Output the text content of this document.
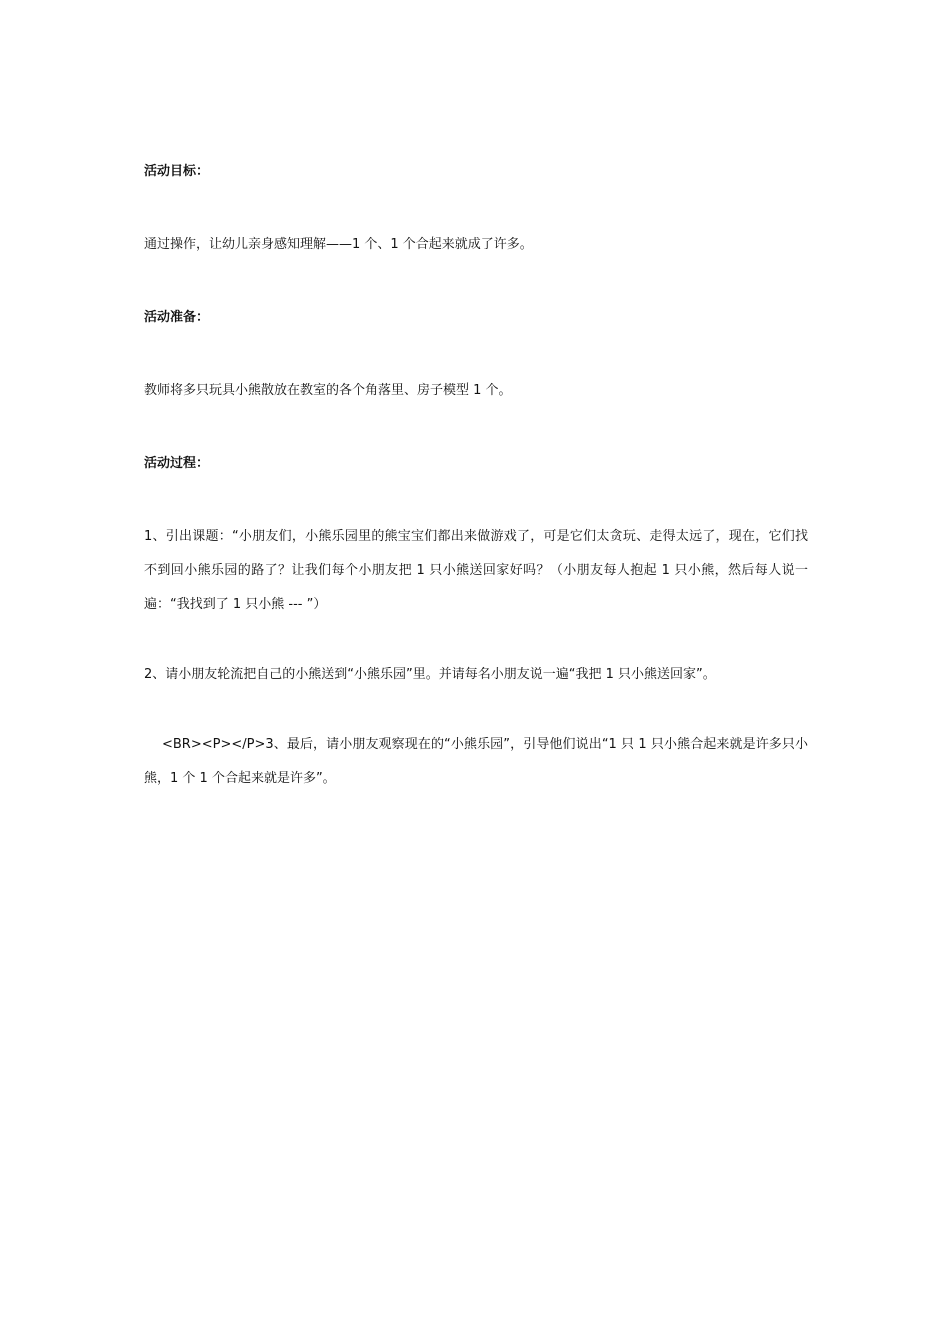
活动目标：

通过操作，让幼儿亲身感知理解——1 个、1 个合起来就成了许多。

活动准备：

教师将多只玩具小熊散放在教室的各个角落里、房子模型 1 个。

活动过程：

1、引出课题：“小朋友们，小熊乐园里的熊宝宝们都出来做游戏了，可是它们太贪玩、走得太远了，现在，它们找不到回小熊乐园的路了？让我们每个小朋友把 1 只小熊送回家好吗？（小朋友每人抱起 1 只小熊，然后每人说一遍：“我找到了 1 只小熊 --- ”）

2、请小朋友轮流把自己的小熊送到“小熊乐园”里。并请每名小朋友说一遍“我把 1 只小熊送回家”。

<BR><P></P>3、最后，请小朋友观察现在的“小熊乐园”，引导他们说出“1 只 1 只小熊合起来就是许多只小熊，1 个 1 个合起来就是许多”。
